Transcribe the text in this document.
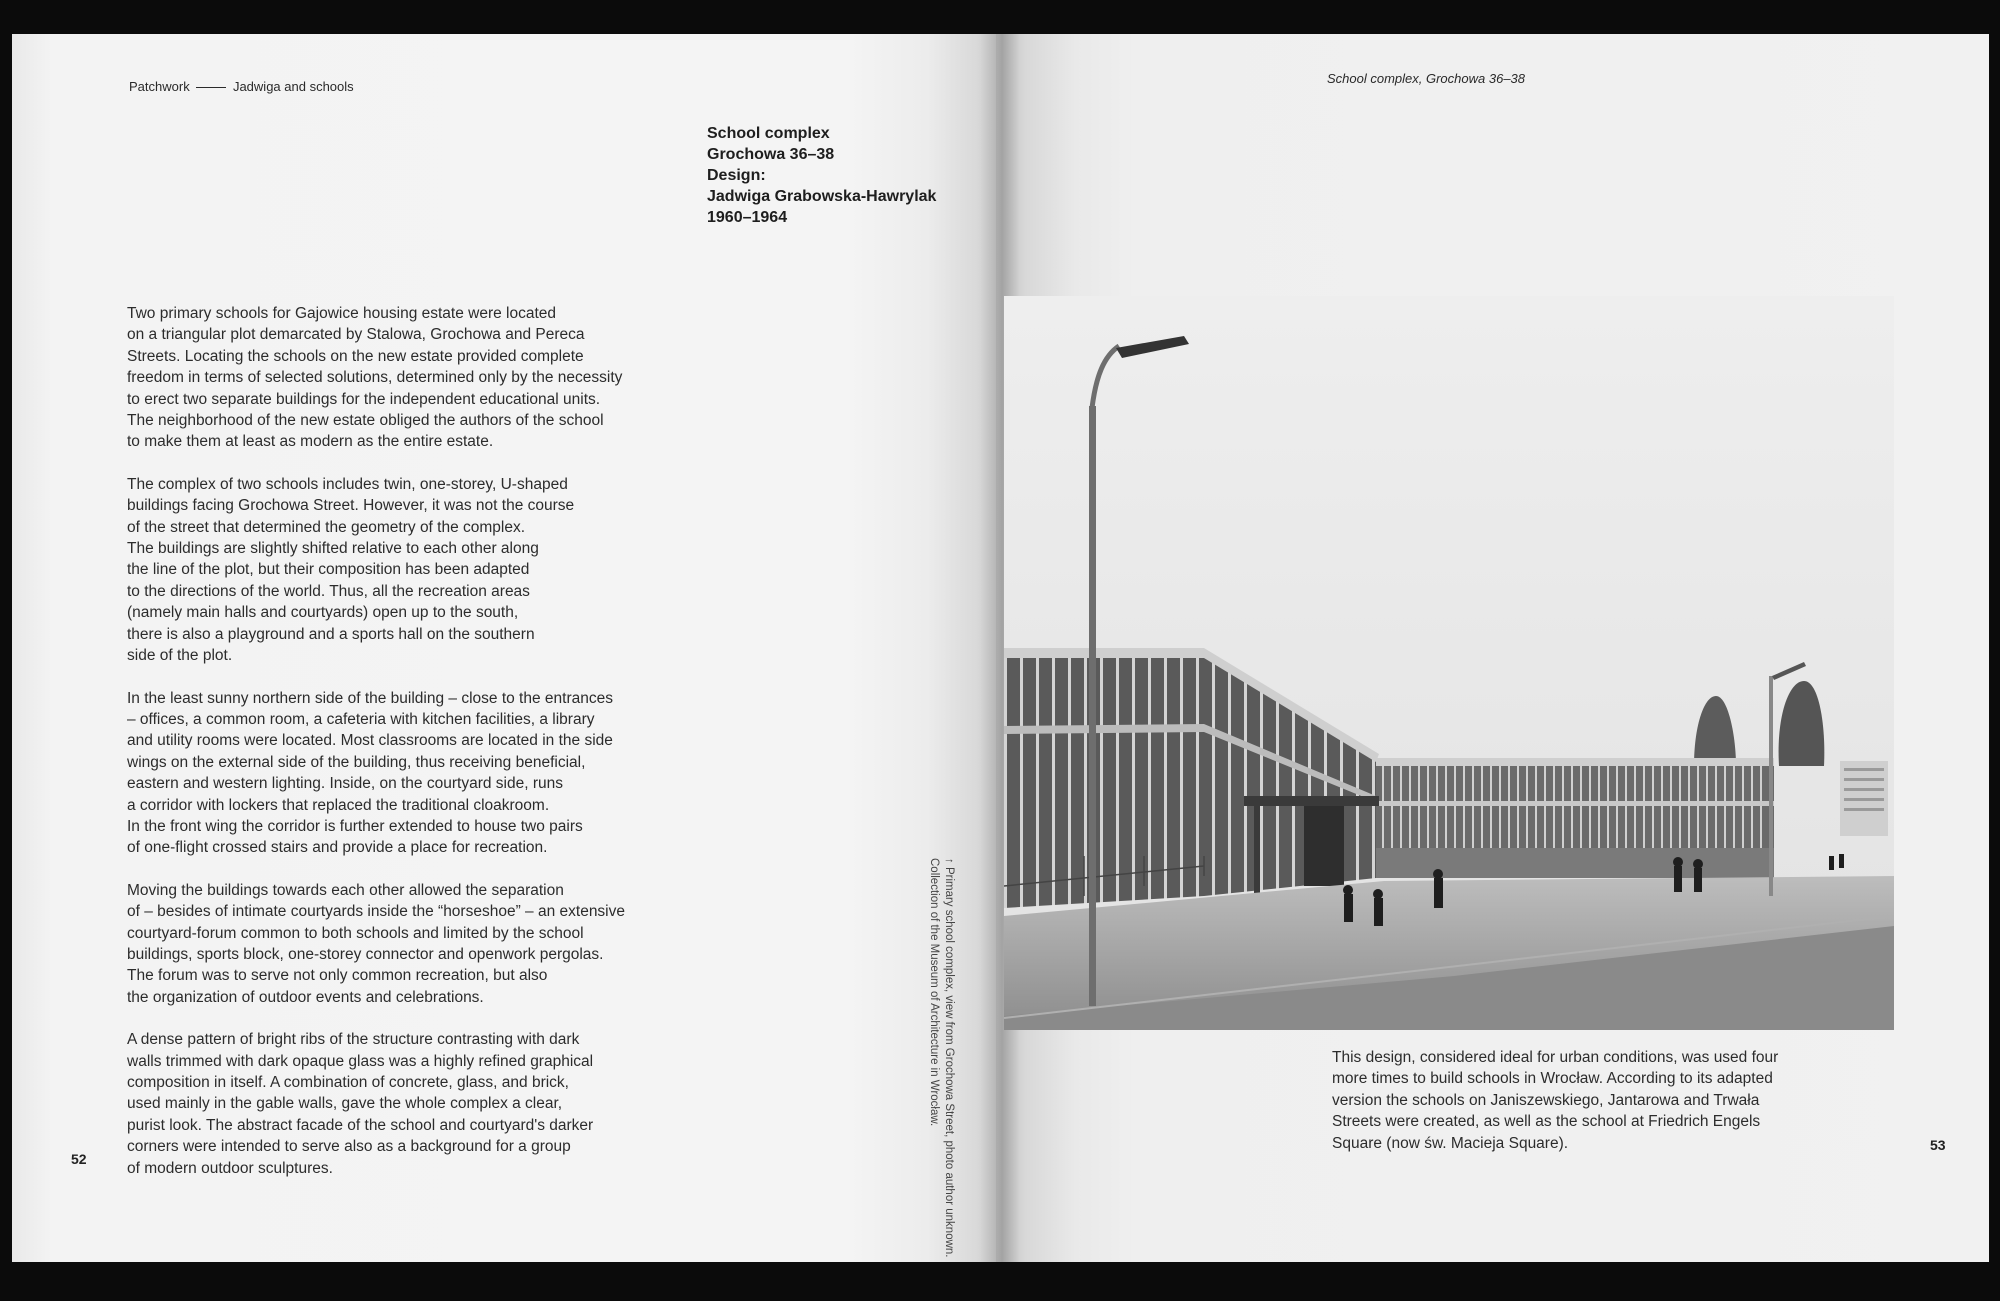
Patchwork	Jadwiga and schools
School complex, Grochowa 36–38
School complex
Grochowa 36–38
Design:
Jadwiga Grabowska-Hawrylak
1960–1964

Two primary schools for Gajowice housing estate were located
on a triangular plot demarcated by Stalowa, Grochowa and Pereca
Streets. Locating the schools on the new estate provided complete
freedom in terms of selected solutions, determined only by the necessity
to erect two separate buildings for the independent educational units.
The neighborhood of the new estate obliged the authors of the school
to make them at least as modern as the entire estate.

The complex of two schools includes twin, one-storey, U-shaped
buildings facing Grochowa Street. However, it was not the course
of the street that determined the geometry of the complex.
The buildings are slightly shifted relative to each other along
the line of the plot, but their composition has been adapted
to the directions of the world. Thus, all the recreation areas
(namely main halls and courtyards) open up to the south,
there is also a playground and a sports hall on the southern
side of the plot.

In the least sunny northern side of the building – close to the entrances
– offices, a common room, a cafeteria with kitchen facilities, a library
and utility rooms were located. Most classrooms are located in the side
wings on the external side of the building, thus receiving beneficial,
eastern and western lighting. Inside, on the courtyard side, runs
a corridor with lockers that replaced the traditional cloakroom.
In the front wing the corridor is further extended to house two pairs
of one-flight crossed stairs and provide a place for recreation.

Moving the buildings towards each other allowed the separation
of – besides of intimate courtyards inside the “horseshoe” – an extensive
courtyard-forum common to both schools and limited by the school
buildings, sports block, one-storey connector and openwork pergolas.
The forum was to serve not only common recreation, but also
the organization of outdoor events and celebrations.

A dense pattern of bright ribs of the structure contrasting with dark
walls trimmed with dark opaque glass was a highly refined graphical
composition in itself. A combination of concrete, glass, and brick,
used mainly in the gable walls, gave the whole complex a clear,
purist look. The abstract facade of the school and courtyard's darker
corners were intended to serve also as a background for a group
of modern outdoor sculptures.

52	↑ Primary school complex, view from Grochowa Street, photo author unknown.
Collection of the Museum of Architecture in Wrocław.	This design, considered ideal for urban conditions, was used four

more times to build schools in Wrocław. According to its adapted

version the schools on Janiszewskiego, Jantarowa and Trwała

Streets were created, as well as the school at Friedrich Engels

Square (now św. Macieja Square).	53
